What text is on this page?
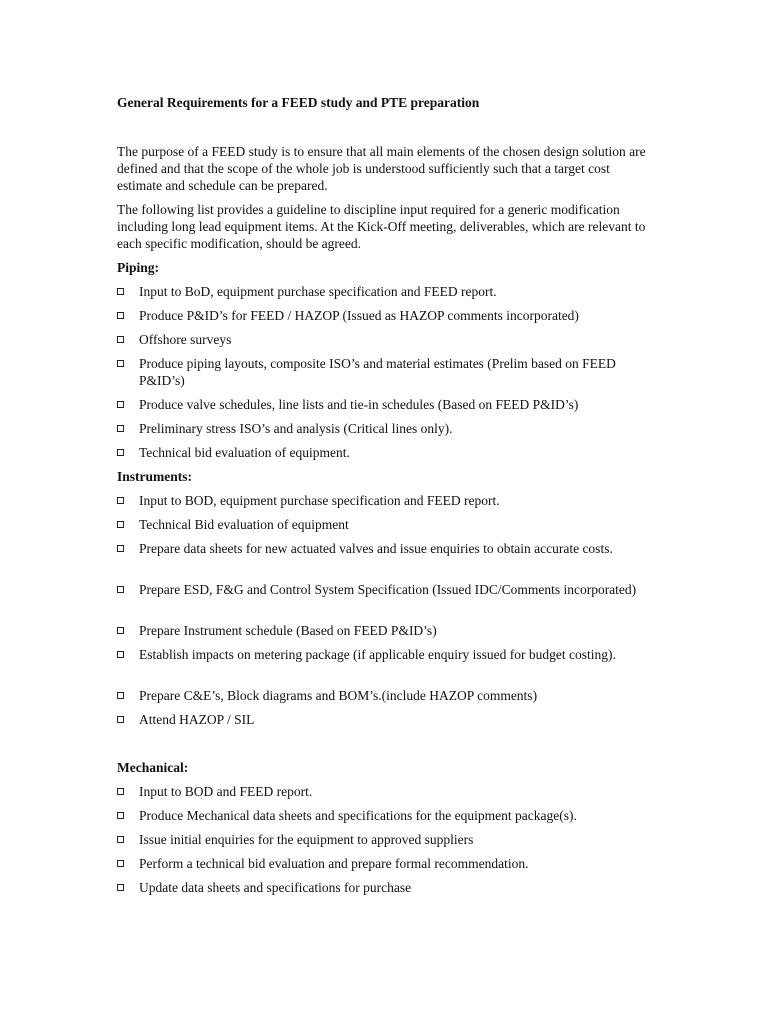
General Requirements for a FEED study and PTE preparation
The purpose of a FEED study is to ensure that all main elements of the chosen design solution are defined and that the scope of the whole job is understood sufficiently such that a target cost estimate and schedule can be prepared.
The following list provides a guideline to discipline input required for a generic modification including long lead equipment items. At the Kick-Off meeting, deliverables, which are relevant to each specific modification, should be agreed.
Piping:
Input to BoD, equipment purchase specification and FEED report.
Produce P&ID’s for FEED / HAZOP (Issued as HAZOP comments incorporated)
Offshore surveys
Produce piping layouts, composite ISO’s and material estimates (Prelim based on FEED P&ID’s)
Produce valve schedules, line lists and tie-in schedules (Based on FEED P&ID’s)
Preliminary stress ISO’s and analysis (Critical lines only).
Technical bid evaluation of equipment.
Instruments:
Input to BOD, equipment purchase specification and FEED report.
Technical Bid evaluation of equipment
Prepare data sheets for new actuated valves and issue enquiries to obtain accurate costs.
Prepare ESD, F&G and Control System Specification (Issued IDC/Comments incorporated)
Prepare Instrument schedule (Based on FEED P&ID’s)
Establish impacts on metering package (if applicable enquiry issued for budget costing).
Prepare C&E’s, Block diagrams and BOM’s.(include HAZOP comments)
Attend HAZOP / SIL
Mechanical:
Input to BOD and FEED report.
Produce Mechanical data sheets and specifications for the equipment package(s).
Issue initial enquiries for the equipment to approved suppliers
Perform a technical bid evaluation and prepare formal recommendation.
Update data sheets and specifications for purchase
